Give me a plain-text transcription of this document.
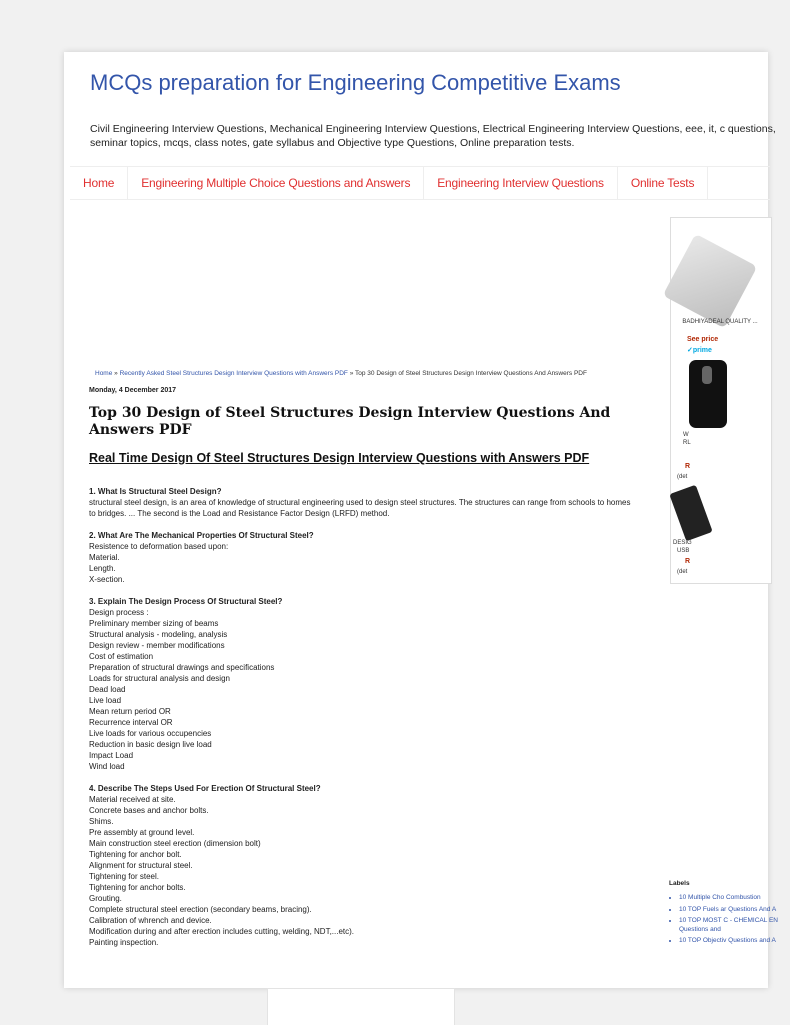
MCQs preparation for Engineering Competitive Exams
Civil Engineering Interview Questions, Mechanical Engineering Interview Questions, Electrical Engineering Interview Questions, eee, it, c questions, seminar topics, mcqs, class notes, gate syllabus and Objective type Questions, Online preparation tests.
Home	Engineering Multiple Choice Questions and Answers	Engineering Interview Questions	Online Tests
Home » Recently Asked Steel Structures Design Interview Questions with Answers PDF » Top 30 Design of Steel Structures Design Interview Questions And Answers PDF
Monday, 4 December 2017
Top 30 Design of Steel Structures Design Interview Questions And Answers PDF
Real Time Design Of Steel Structures Design Interview Questions with Answers PDF
1. What Is Structural Steel Design?
structural steel design, is an area of knowledge of structural engineering used to design steel structures. The structures can range from schools to homes to bridges. ... The second is the Load and Resistance Factor Design (LRFD) method.
2. What Are The Mechanical Properties Of Structural Steel?
Resistence to deformation based upon:
Material.
Length.
X-section.
3. Explain The Design Process Of Structural Steel?
Design process :
Preliminary member sizing of beams
Structural analysis - modeling, analysis
Design review - member modifications
Cost of estimation
Preparation of structural drawings and specifications
Loads for structural analysis and design
Dead load
Live load
Mean return period OR
Recurrence interval OR
Live loads for various occupencies
Reduction in basic design live load
Impact Load
Wind load
4. Describe The Steps Used For Erection Of Structural Steel?
Material received at site.
Concrete bases and anchor bolts.
Shims.
Pre assembly at ground level.
Main construction steel erection (dimension bolt)
Tightening for anchor bolt.
Alignment for structural steel.
Tightening for steel.
Tightening for anchor bolts.
Grouting.
Complete structural steel erection (secondary beams, bracing).
Calibration of whrench and device.
Modification during and after erection includes cutting, welding, NDT,...etc).
Painting inspection.
BADHIYADEAL QUALITY ...
See price
✓prime
W
RL
R
(det
DESIG
USB
R
(det
Labels
• 10 Multiple Cho Combustion
• 10 TOP Fuels ar Questions And A
• 10 TOP MOST C - CHEMICAL EN Questions and
• 10 TOP Objectiv Questions and A
